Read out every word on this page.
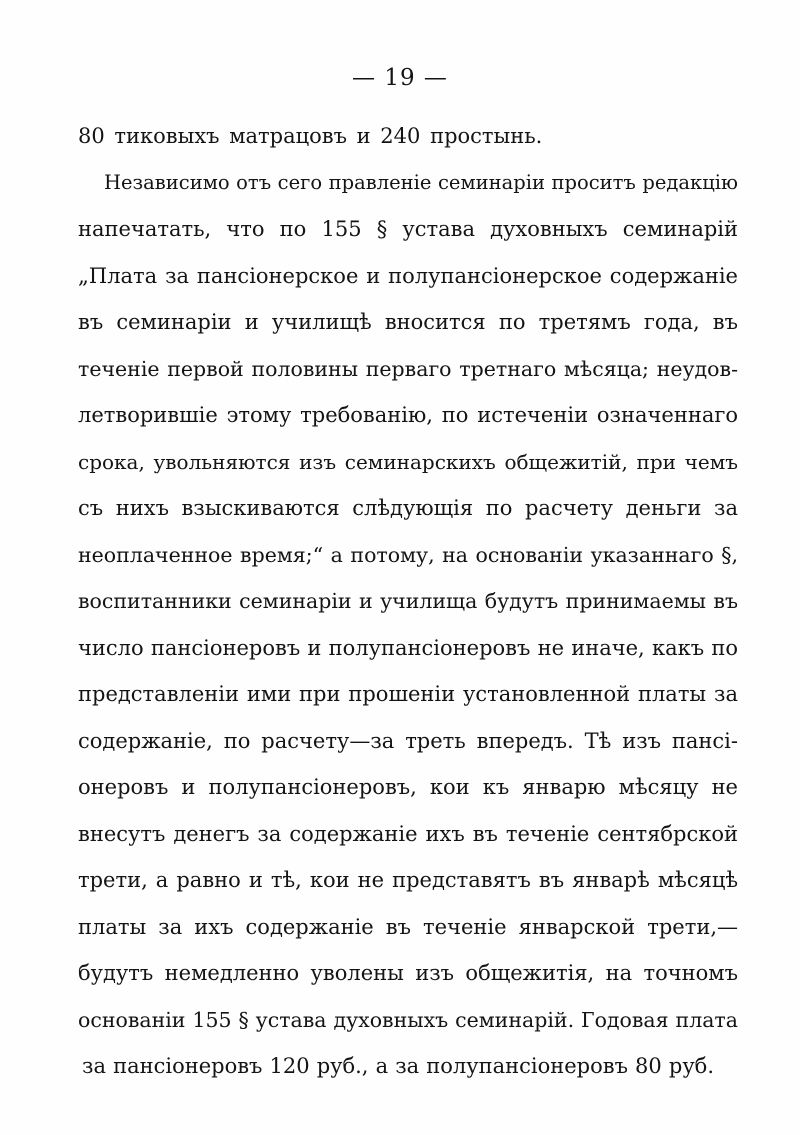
— 19 —
80 тиковыхъ матрацовъ и 240 простынь.
Независимо отъ сего правленіе семинаріи проситъ редакцію
напечатать, что по 155 § устава духовныхъ семинарій
„Плата за пансіонерское и полупансіонерское содержаніе
въ семинаріи и училищѣ вносится по третямъ года, въ
теченіе первой половины перваго третнаго мѣсяца; неудов-
летворившіе этому требованію, по истеченіи означеннаго
срока, увольняются изъ семинарскихъ общежитій, при чемъ
съ нихъ взыскиваются слѣдующія по расчету деньги за
неоплаченное время;“ а потому, на основаніи указаннаго §,
воспитанники семинаріи и училища будутъ принимаемы въ
число пансіонеровъ и полупансіонеровъ не иначе, какъ по
представленіи ими при прошеніи установленной платы за
содержаніе, по расчету—за треть впередъ. Тѣ изъ пансі-
онеровъ и полупансіонеровъ, кои къ январю мѣсяцу не
внесутъ денегъ за содержаніе ихъ въ теченіе сентябрской
трети, а равно и тѣ, кои не представятъ въ январѣ мѣсяцѣ
платы за ихъ содержаніе въ теченіе январской трети,—
будутъ немедленно уволены изъ общежитія, на точномъ
основаніи 155 § устава духовныхъ семинарій. Годовая плата
за пансіонеровъ 120 руб., а за полупансіонеровъ 80 руб.
